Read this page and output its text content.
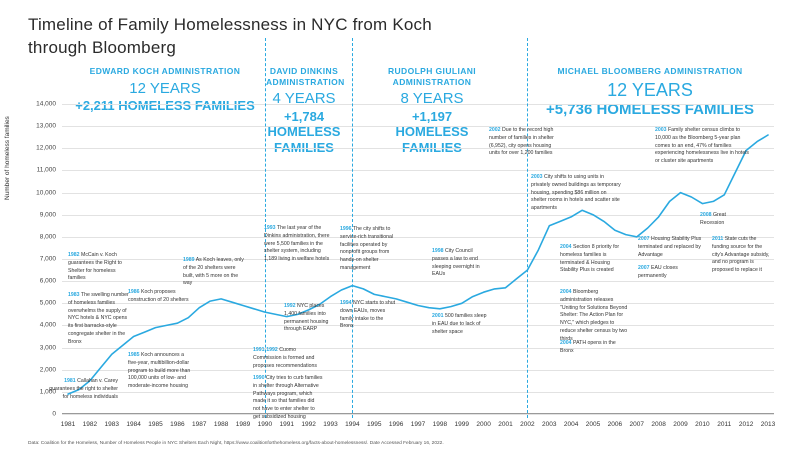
Timeline of Family Homelessness in NYC from Koch through Bloomberg
EDWARD KOCH ADMINISTRATION
12 YEARS
+2,211 HOMELESS FAMILIES
DAVID DINKINS ADMINISTRATION
4 YEARS
+1,784 HOMELESS FAMILIES
RUDOLPH GIULIANI ADMINISTRATION
8 YEARS
+1,197 HOMELESS FAMILIES
MICHAEL BLOOMBERG ADMINISTRATION
12 YEARS
+5,736 HOMELESS FAMILIES
Number of homeless families
14,000
13,000
12,000
11,000
10,000
9,000
8,000
7,000
6,000
5,000
4,000
3,000
2,000
1,000
0
1981 1982 1983 1984 1985 1986 1987 1988 1989 1990 1991 1992 1993 1994 1995 1996 1997 1998 1999 2000 2001 2002 2003 2004 2005 2006 2007 2008 2009 2010 2011 2012 2013
1981 Callahan v. Carey guarantees the right to shelter for homeless individuals
1982 McCain v. Koch guarantees the Right to Shelter for homeless families
1983 The swelling number of homeless families overwhelms the supply of NYC hotels & NYC opens its first barracks-style congregate shelter in the Bronx
1985 Koch announces a five-year, multibillion-dollar program to build more than 100,000 units of low- and moderate-income housing
1986 Koch proposes construction of 20 shelters
1989 As Koch leaves, only of the 20 shelters were built, with 5 more on the way
1990 City tries to curb families in shelter through Alternative Pathways program, which made it so that families did not have to enter shelter to get subsidized housing
1991-1992 Cuomo Commission is formed and proposes recommendations
1992 NYC places 1,400 families into permanent housing through EARP
1993 The last year of the Dinkins administration, there were 5,500 families in the shelter system, including 1,189 living in welfare hotels
1994 NYC starts to shut down EAUs, moves family intake to the Bronx
1996 The city shifts to service-rich transitional facilities operated by nonprofit groups from hands-on shelter management
1998 City Council passes a law to end sleeping overnight in EAUs
2001 500 families sleep in EAU due to lack of shelter space
2002 Due to the record high number of families in shelter (6,952), city opens housing units for over 1,200 families
2003 City shifts to using units in privately owned buildings as temporary housing, spending $86 million on shelter rooms in hotels and scatter site apartments
2003 Family shelter census climbs to 10,000 as the Bloomberg 5-year plan comes to an end, 47% of families experiencing homelessness live in hotels or cluster site apartments
2004 Section 8 priority for homeless families is terminated & Housing Stability Plus is created
2004 Bloomberg administration releases "Uniting for Solutions Beyond Shelter: The Action Plan for NYC," which pledges to reduce shelter census by two thirds
2004 PATH opens in the Bronx
2007 Housing Stability Plus terminated and replaced by Advantage
2007 EAU closes permanently
2008 Great Recession
2011 State cuts the funding source for the city's Advantage subsidy, and no program is proposed to replace it
Data: Coalition for the Homeless, Number of Homeless People in NYC Shelters Each Night, https://www.coalitionforthehomeless.org/facts-about-homelessness/. Date Accessed February 16, 2022.
